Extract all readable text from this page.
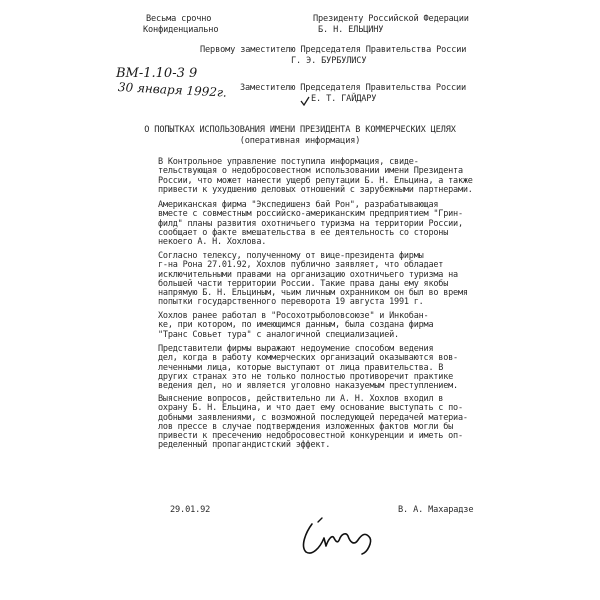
Весьма срочно
Конфиденциально
Президенту Российской Федерации
Б. Н. ЕЛЬЦИНУ
Первому заместителю Председателя Правительства России
Г. Э. БУРБУЛИСУ
Заместителю Председателя Правительства России
Е. Т. ГАЙДАРУ
ВМ-1.10-3 9
30 января 1992г.
О ПОПЫТКАХ ИСПОЛЬЗОВАНИЯ ИМЕНИ ПРЕЗИДЕНТА В КОММЕРЧЕСКИХ ЦЕЛЯХ
(оперативная информация)
В Контрольное управление поступила информация, свиде-
тельствующая о недобросовестном использовании имени Президента
России, что может нанести ущерб репутации Б. Н. Ельцина, а также
привести к ухудшению деловых отношений с зарубежными партнерами.
Американская фирма "Экспедишенз бай Рон", разрабатывающая
вместе с совместным российско-американским предприятием "Грин-
филд" планы развития охотничьего туризма на территории России,
сообщает о факте вмешательства в ее деятельность со стороны
некоего А. Н. Хохлова.
Согласно телексу, полученному от вице-президента фирмы
г-на Рона 27.01.92, Хохлов публично заявляет, что обладает
исключительными правами на организацию охотничьего туризма на
большей части территории России. Такие права даны ему якобы
напрямую Б. Н. Ельциным, чьим личным охранником он был во время
попытки государственного переворота 19 августа 1991 г.
Хохлов ранее работал в "Росохотрыболовсоюзе" и Инкобан-
ке, при котором, по имеющимся данным, была создана фирма
"Транс Совьет тура" с аналогичной специализацией.
Представители фирмы выражают недоумение способом ведения
дел, когда в работу коммерческих организаций оказываются вов-
леченными лица, которые выступают от лица правительства. В
других странах это не только полностью противоречит практике
ведения дел, но и является уголовно наказуемым преступлением.
Выяснение вопросов, действительно ли А. Н. Хохлов входил в
охрану Б. Н. Ельцина, и что дает ему основание выступать с по-
добными заявлениями, с возможной последующей передачей материа-
лов прессе в случае подтверждения изложенных фактов могли бы
привести к пресечению недобросовестной конкуренции и иметь оп-
ределенный пропагандистский эффект.
29.01.92	В. А. Махарадзе
